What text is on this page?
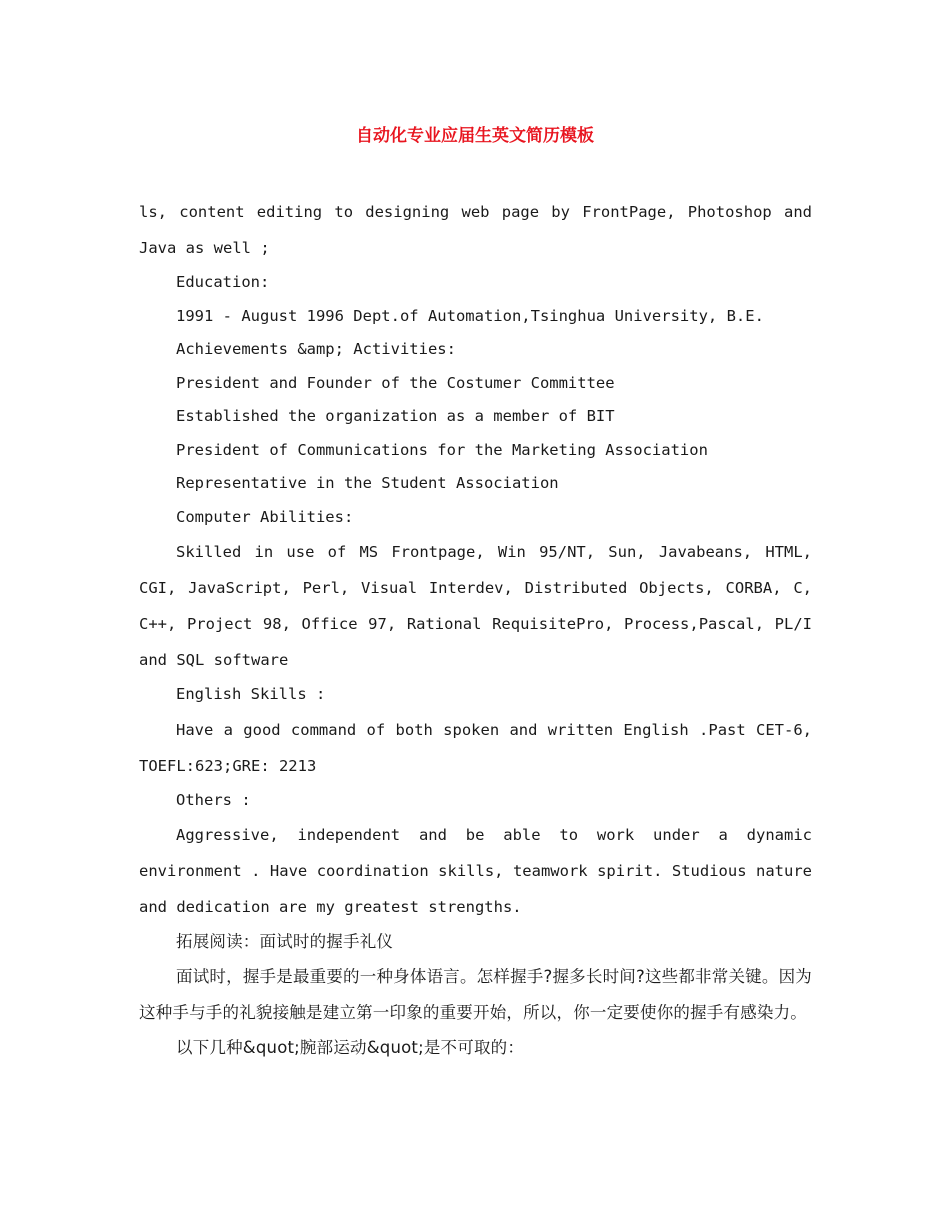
自动化专业应届生英文简历模板

ls, content editing to designing web page by FrontPage, Photoshop and Java as well ;

Education:

1991 - August 1996 Dept.of Automation,Tsinghua University, B.E.

Achievements &amp; Activities:

President and Founder of the Costumer Committee

Established the organization as a member of BIT

President of Communications for the Marketing Association

Representative in the Student Association

Computer Abilities:

Skilled in use of MS Frontpage, Win 95/NT, Sun, Javabeans, HTML, CGI, JavaScript, Perl, Visual Interdev, Distributed Objects, CORBA, C, C++, Project 98, Office 97, Rational RequisitePro, Process,Pascal, PL/I and SQL software

English Skills :

Have a good command of both spoken and written English .Past CET-6, TOEFL:623;GRE: 2213

Others :

Aggressive, independent and be able to work under a dynamic environment . Have coordination skills, teamwork spirit. Studious nature and dedication are my greatest strengths.

拓展阅读：面试时的握手礼仪

面试时，握手是最重要的一种身体语言。怎样握手?握多长时间?这些都非常关键。因为这种手与手的礼貌接触是建立第一印象的重要开始，所以，你一定要使你的握手有感染力。

以下几种&quot;腕部运动&quot;是不可取的：
